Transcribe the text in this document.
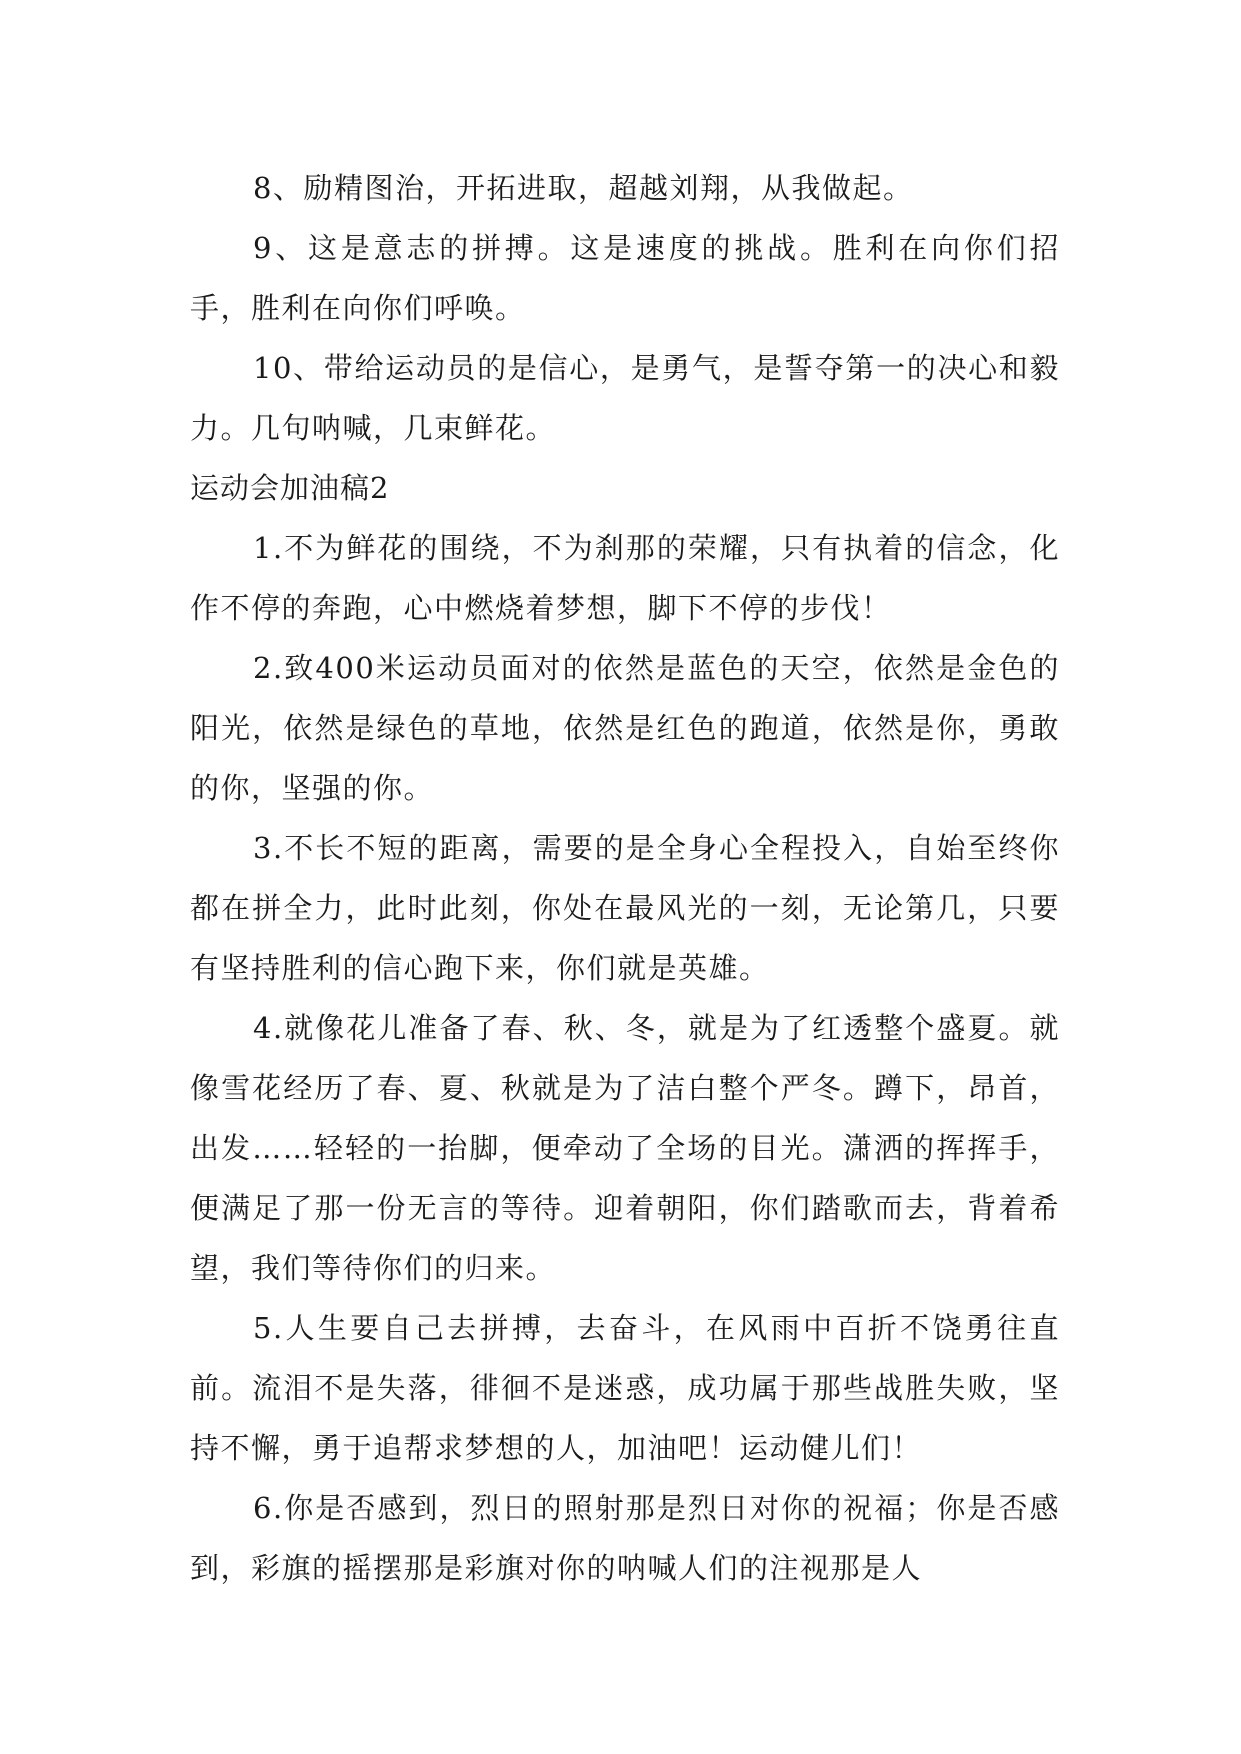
8、励精图治，开拓进取，超越刘翔，从我做起。

9、这是意志的拼搏。这是速度的挑战。胜利在向你们招手，胜利在向你们呼唤。

10、带给运动员的是信心，是勇气，是誓夺第一的决心和毅力。几句呐喊，几束鲜花。

运动会加油稿2

1.不为鲜花的围绕，不为刹那的荣耀，只有执着的信念，化作不停的奔跑，心中燃烧着梦想，脚下不停的步伐！

2.致400米运动员面对的依然是蓝色的天空，依然是金色的阳光，依然是绿色的草地，依然是红色的跑道，依然是你，勇敢的你，坚强的你。

3.不长不短的距离，需要的是全身心全程投入，自始至终你都在拼全力，此时此刻，你处在最风光的一刻，无论第几，只要有坚持胜利的信心跑下来，你们就是英雄。

4.就像花儿准备了春、秋、冬，就是为了红透整个盛夏。就像雪花经历了春、夏、秋就是为了洁白整个严冬。蹲下，昂首，出发……轻轻的一抬脚，便牵动了全场的目光。潇洒的挥挥手，便满足了那一份无言的等待。迎着朝阳，你们踏歌而去，背着希望，我们等待你们的归来。

5.人生要自己去拼搏，去奋斗，在风雨中百折不饶勇往直前。流泪不是失落，徘徊不是迷惑，成功属于那些战胜失败，坚持不懈，勇于追帮求梦想的人，加油吧！运动健儿们！

6.你是否感到，烈日的照射那是烈日对你的祝福；你是否感到，彩旗的摇摆那是彩旗对你的呐喊人们的注视那是人
